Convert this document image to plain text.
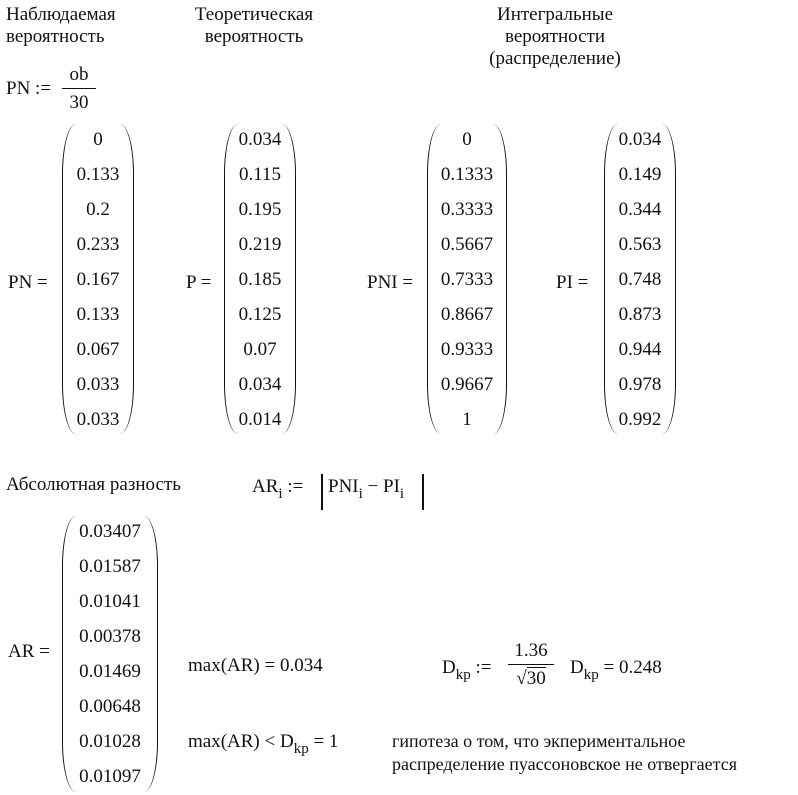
Наблюдаемая
вероятность
Теоретическая
вероятность
Интегральные
вероятности
(распределение)
PN :=
ob
30
PN =
0
0.133
0.2
0.233
0.167
0.133
0.067
0.033
0.033
P =
0.034
0.115
0.195
0.219
0.185
0.125
0.07
0.034
0.014
PNI =
0
0.1333
0.3333
0.5667
0.7333
0.8667
0.9333
0.9667
1
PI =
0.034
0.149
0.344
0.563
0.748
0.873
0.944
0.978
0.992
Абсолютная разность	$AR_i$ := $PNI_i - PI_i$
AR =
0.03407
0.01587
0.01041
0.00378
0.01469
0.00648
0.01028
0.01097
max(AR) = 0.034	$D_{kp}$ :=
1.36
√30
$D_{kp} = 0.248$
$\max(AR) < D_{kp} = 1$	гипотеза о том, что экпериментальное
распределение пуассоновское не отвергается
